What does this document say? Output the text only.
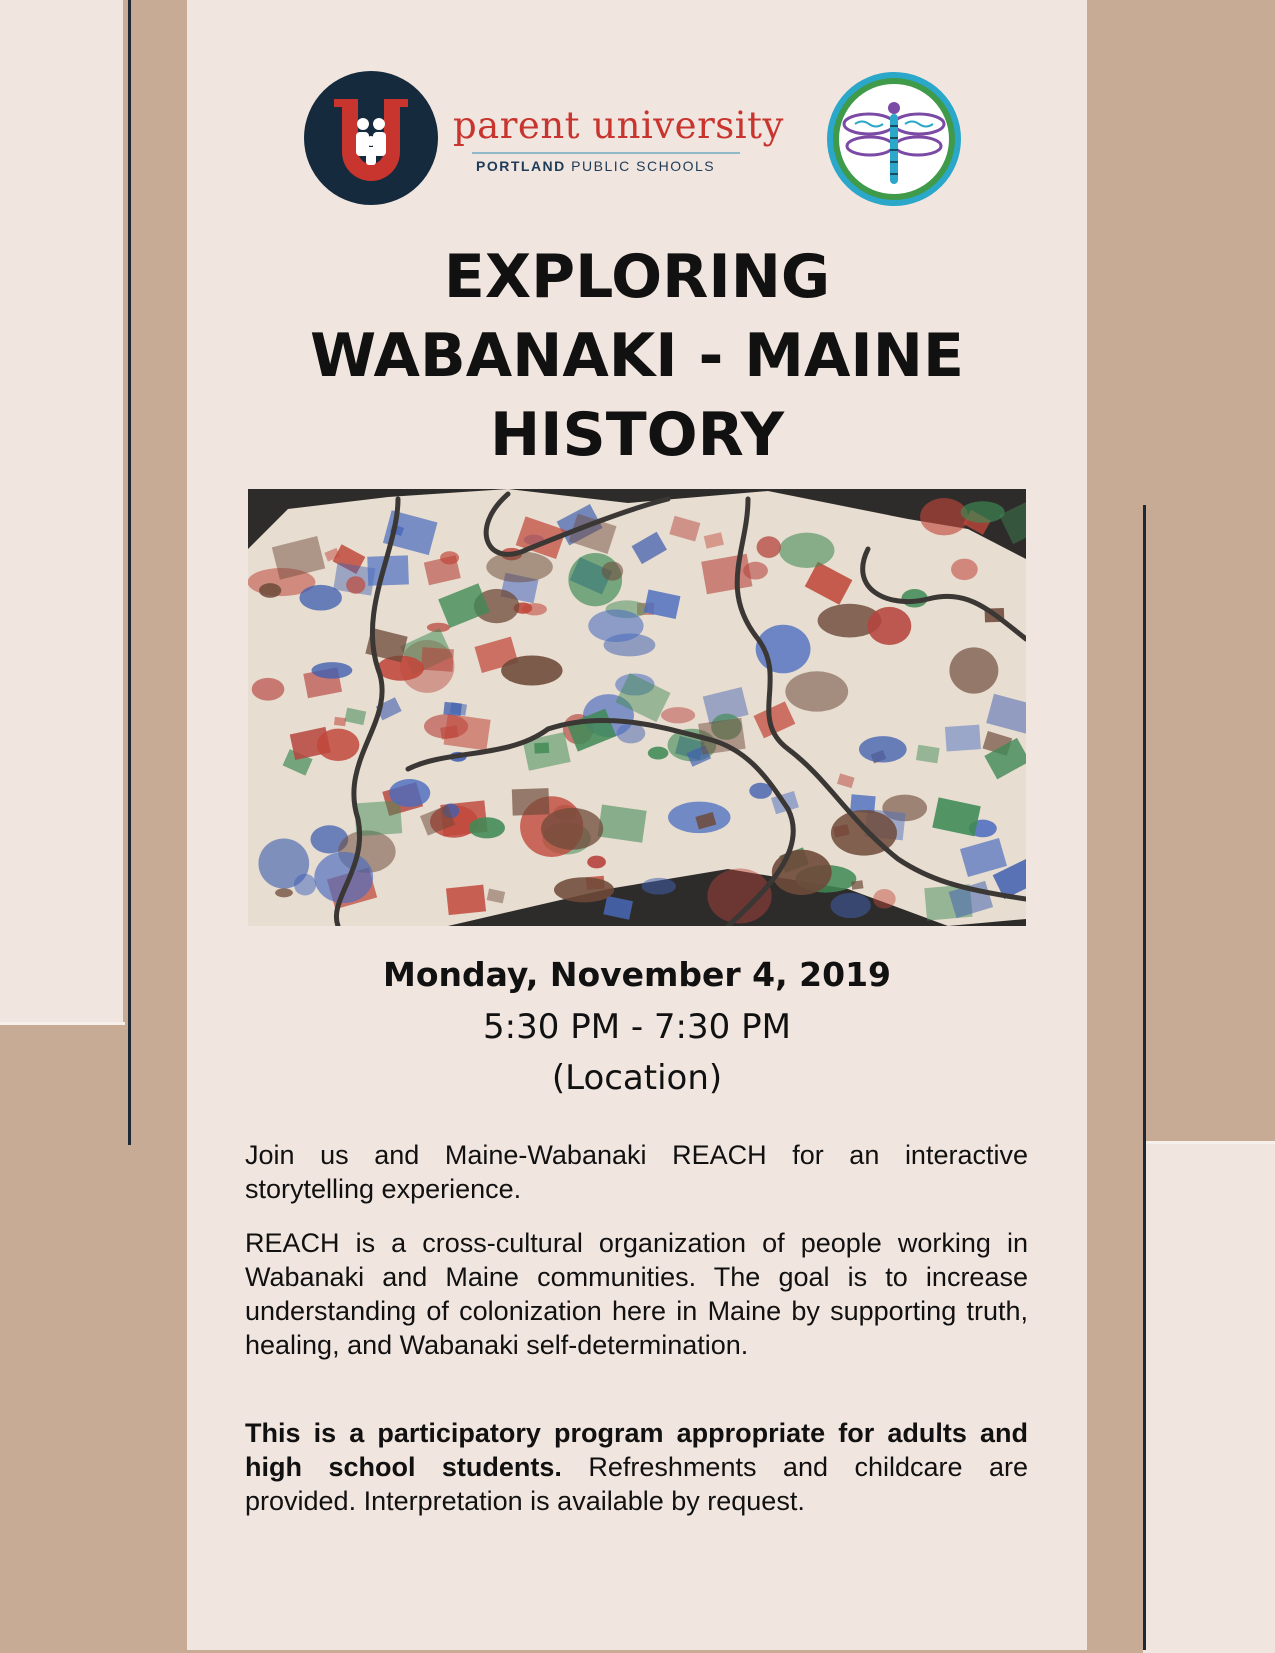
parent university
PORTLAND PUBLIC SCHOOLS
EXPLORING
WABANAKI - MAINE
HISTORY
Monday, November 4, 2019
5:30 PM - 7:30 PM
(Location)

Join us and Maine-Wabanaki REACH for an interactive storytelling experience.

REACH is a cross-cultural organization of people working in Wabanaki and Maine communities. The goal is to increase understanding of colonization here in Maine by supporting truth, healing, and Wabanaki self-determination.

This is a participatory program appropriate for adults and high school students. Refreshments and childcare are provided. Interpretation is available by request.
